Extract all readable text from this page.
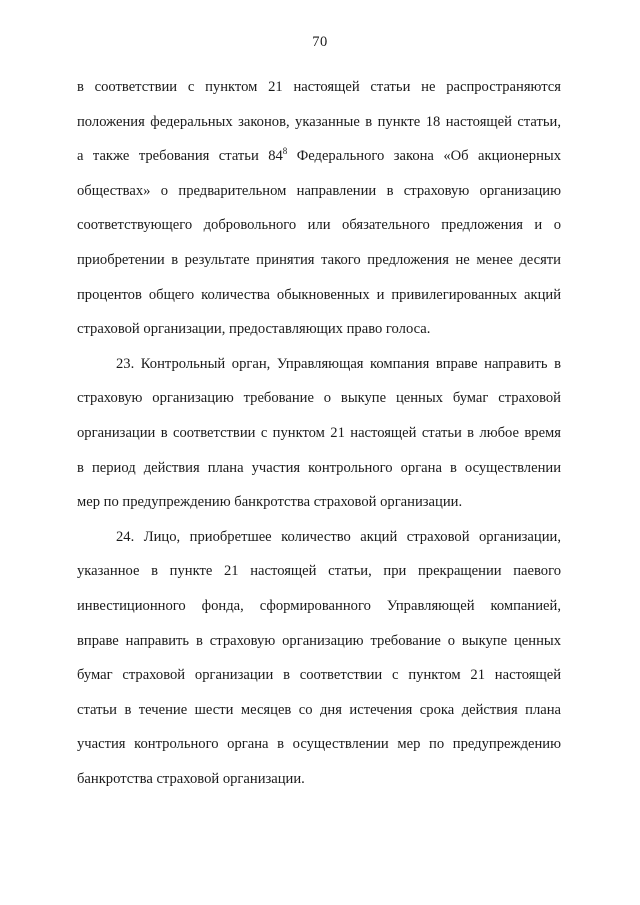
70
в соответствии с пунктом 21 настоящей статьи не распространяются
положения федеральных законов, указанные в пункте 18 настоящей статьи,
а также требования статьи $84^8$ Федерального закона «Об акционерных
обществах» о предварительном направлении в страховую организацию
соответствующего добровольного или обязательного предложения и о
приобретении в результате принятия такого предложения не менее десяти
процентов общего количества обыкновенных и привилегированных акций
страховой организации, предоставляющих право голоса.
23. Контрольный орган, Управляющая компания вправе направить в
страховую организацию требование о выкупе ценных бумаг страховой
организации в соответствии с пунктом 21 настоящей статьи в любое время
в период действия плана участия контрольного органа в осуществлении
мер по предупреждению банкротства страховой организации.
24. Лицо, приобретшее количество акций страховой организации,
указанное в пункте 21 настоящей статьи, при прекращении паевого
инвестиционного фонда, сформированного Управляющей компанией,
вправе направить в страховую организацию требование о выкупе ценных
бумаг страховой организации в соответствии с пунктом 21 настоящей
статьи в течение шести месяцев со дня истечения срока действия плана
участия контрольного органа в осуществлении мер по предупреждению
банкротства страховой организации.
